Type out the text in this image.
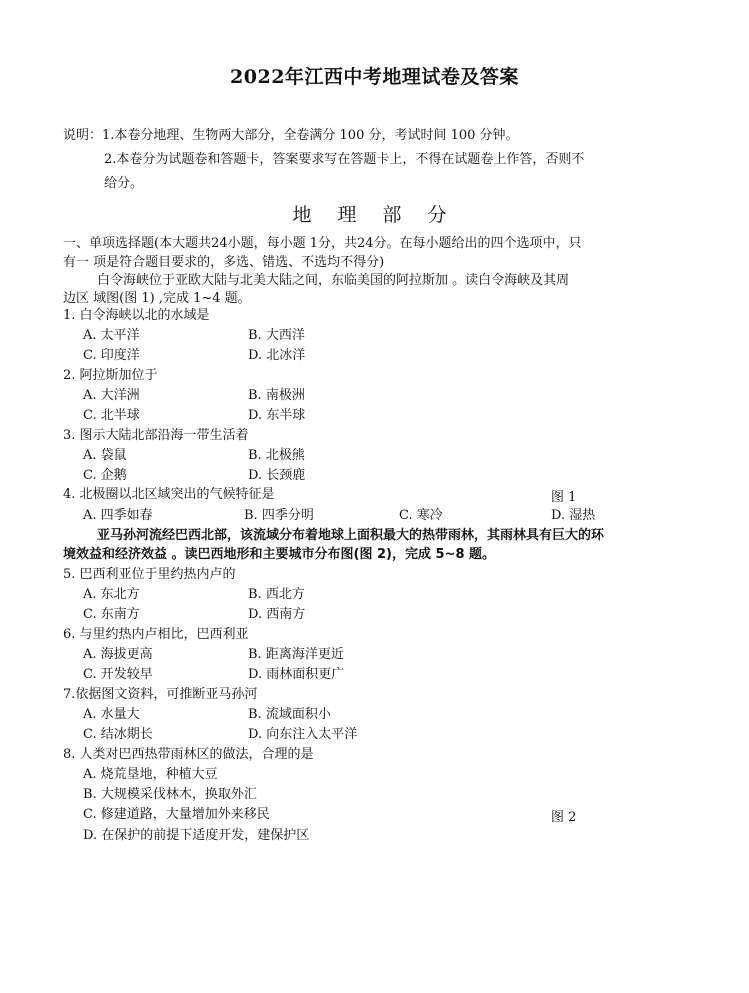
2022年江西中考地理试卷及答案
说明：1.本卷分地理、生物两大部分，全卷满分 100 分，考试时间 100 分钟。
2.本卷分为试题卷和答题卡，答案要求写在答题卡上，不得在试题卷上作答，否则不
给分。
地 理 部 分
一、单项选择题(本大题共24小题，每小题 1分，共24分。在每小题给出的四个选项中，只
有一 项是符合题目要求的，多选、错选、不选均不得分)
白令海峡位于亚欧大陆与北美大陆之间，东临美国的阿拉斯加 。读白令海峡及其周
边区 域图(图 1) ,完成 1~4 题。
1. 白令海峡以北的水域是
A. 太平洋	B. 大西洋
C. 印度洋	D. 北冰洋
2. 阿拉斯加位于
A. 大洋洲	B. 南极洲
C. 北半球	D. 东半球
3. 图示大陆北部沿海一带生活着
A. 袋鼠	B. 北极熊
C. 企鹅	D. 长颈鹿
4. 北极圈以北区域突出的气候特征是	图 1
A. 四季如春	B. 四季分明	C. 寒冷	D. 湿热
亚马孙河流经巴西北部，该流域分布着地球上面积最大的热带雨林，其雨林具有巨大的环
境效益和经济效益 。读巴西地形和主要城市分布图(图 2)，完成 5~8 题。
5. 巴西利亚位于里约热内卢的
A. 东北方	B. 西北方
C. 东南方	D. 西南方
6. 与里约热内卢相比，巴西利亚
A. 海拔更高	B. 距离海洋更近
C. 开发较早	D. 雨林面积更广
7.依据图文资料，可推断亚马孙河
A. 水量大	B. 流域面积小
C. 结冰期长	D. 向东注入太平洋
8. 人类对巴西热带雨林区的做法，合理的是
A. 烧荒垦地，种植大豆
B. 大规模采伐林木，换取外汇
C. 修建道路，大量增加外来移民	图 2
D. 在保护的前提下适度开发，建保护区
